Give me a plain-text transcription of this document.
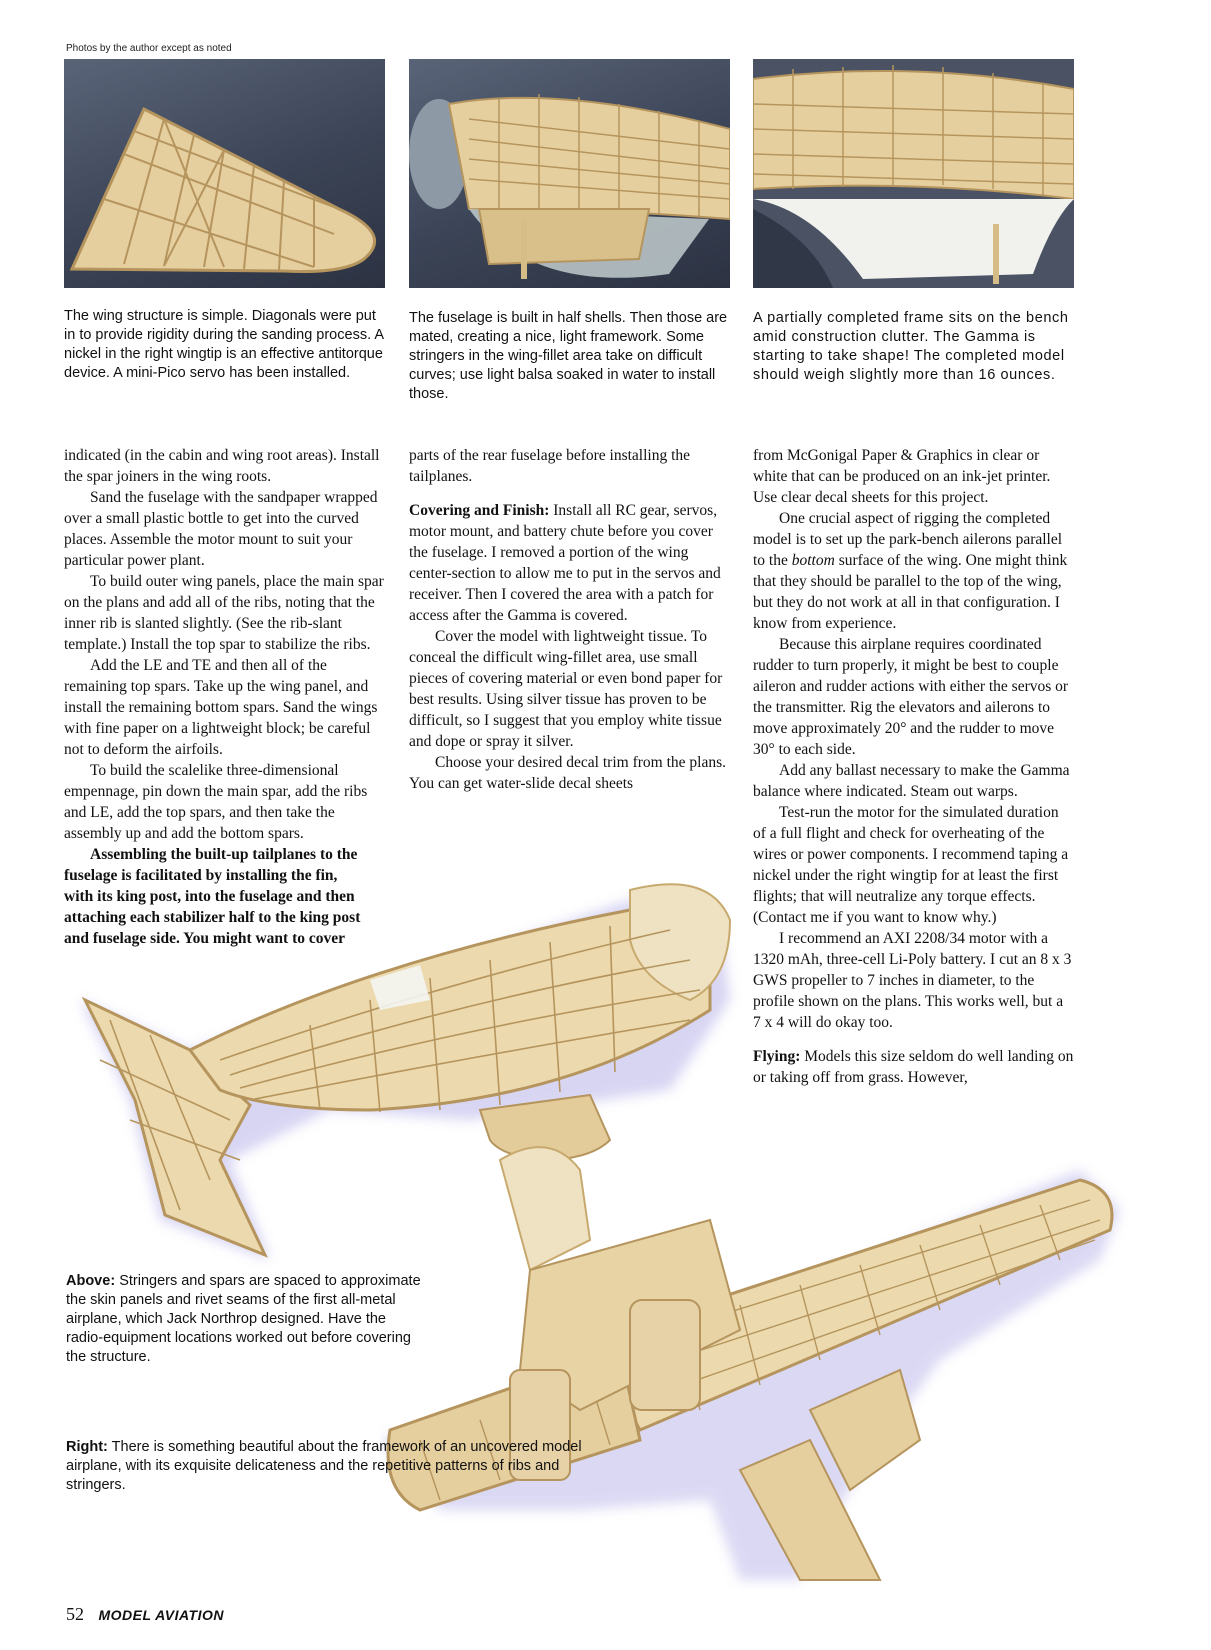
Photos by the author except as noted
The wing structure is simple. Diagonals were put in to provide rigidity during the sanding process. A nickel in the right wingtip is an effective antitorque device. A mini-Pico servo has been installed.
The fuselage is built in half shells. Then those are mated, creating a nice, light framework. Some stringers in the wing-fillet area take on difficult curves; use light balsa soaked in water to install those.
A partially completed frame sits on the bench amid construction clutter. The Gamma is starting to take shape! The completed model should weigh slightly more than 16 ounces.

indicated (in the cabin and wing root areas). Install the spar joiners in the wing roots.

Sand the fuselage with the sandpaper wrapped over a small plastic bottle to get into the curved places. Assemble the motor mount to suit your particular power plant.

To build outer wing panels, place the main spar on the plans and add all of the ribs, noting that the inner rib is slanted slightly. (See the rib-slant template.) Install the top spar to stabilize the ribs.

Add the LE and TE and then all of the remaining top spars. Take up the wing panel, and install the remaining bottom spars. Sand the wings with fine paper on a lightweight block; be careful not to deform the airfoils.

To build the scalelike three-dimensional empennage, pin down the main spar, add the ribs and LE, add the top spars, and then take the assembly up and add the bottom spars.

Assembling the built-up tailplanes to the fuselage is facilitated by installing the fin, with its king post, into the fuselage and then attaching each stabilizer half to the king post and fuselage side. You might want to cover

parts of the rear fuselage before installing the tailplanes.

Covering and Finish: Install all RC gear, servos, motor mount, and battery chute before you cover the fuselage. I removed a portion of the wing center-section to allow me to put in the servos and receiver. Then I covered the area with a patch for access after the Gamma is covered.

Cover the model with lightweight tissue. To conceal the difficult wing-fillet area, use small pieces of covering material or even bond paper for best results. Using silver tissue has proven to be difficult, so I suggest that you employ white tissue and dope or spray it silver.

Choose your desired decal trim from the plans. You can get water-slide decal sheets

from McGonigal Paper & Graphics in clear or white that can be produced on an ink-jet printer. Use clear decal sheets for this project.

One crucial aspect of rigging the completed model is to set up the park-bench ailerons parallel to the bottom surface of the wing. One might think that they should be parallel to the top of the wing, but they do not work at all in that configuration. I know from experience.

Because this airplane requires coordinated rudder to turn properly, it might be best to couple aileron and rudder actions with either the servos or the transmitter. Rig the elevators and ailerons to move approximately 20° and the rudder to move 30° to each side.

Add any ballast necessary to make the Gamma balance where indicated. Steam out warps.

Test-run the motor for the simulated duration of a full flight and check for overheating of the wires or power components. I recommend taping a nickel under the right wingtip for at least the first flights; that will neutralize any torque effects. (Contact me if you want to know why.)

I recommend an AXI 2208/34 motor with a 1320 mAh, three-cell Li-Poly battery. I cut an 8 x 3 GWS propeller to 7 inches in diameter, to the profile shown on the plans. This works well, but a 7 x 4 will do okay too.

Flying: Models this size seldom do well landing on or taking off from grass. However,

Above: Stringers and spars are spaced to approximate the skin panels and rivet seams of the first all-metal airplane, which Jack Northrop designed. Have the radio-equipment locations worked out before covering the structure.
Right: There is something beautiful about the framework of an uncovered model airplane, with its exquisite delicateness and the repetitive patterns of ribs and stringers.
52 MODEL AVIATION
